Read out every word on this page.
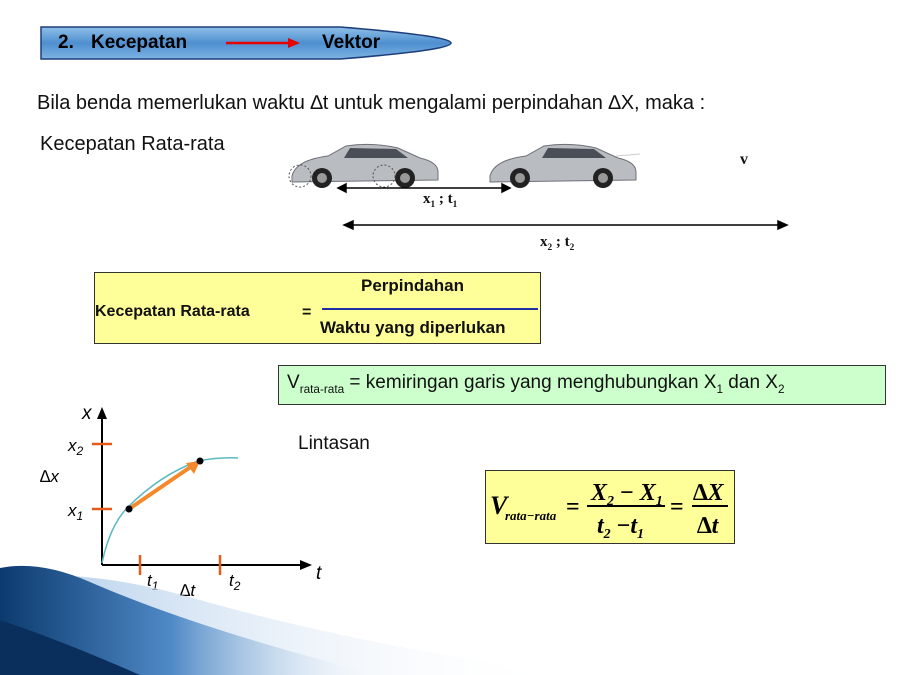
2. Kecepatan	Vektor
Bila benda memerlukan waktu ∆t untuk mengalami perpindahan ∆X, maka :
Kecepatan Rata-rata
v
$x_1$ ; $t_1$
$x_2$ ; $t_2$
Kecepatan Rata-rata	=
Perpindahan
Waktu yang diperlukan
$V_{rata-rata}$ = kemiringan garis yang menghubungkan $X_1$ dan $X_2$
x
t
$x_2$
$x_1$
∆x
$t_1$	$t_2$
∆t
Lintasan
V
rata−rata =
$X_2 - X_1$
$t_2 -t_1$
=
∆X
∆t
